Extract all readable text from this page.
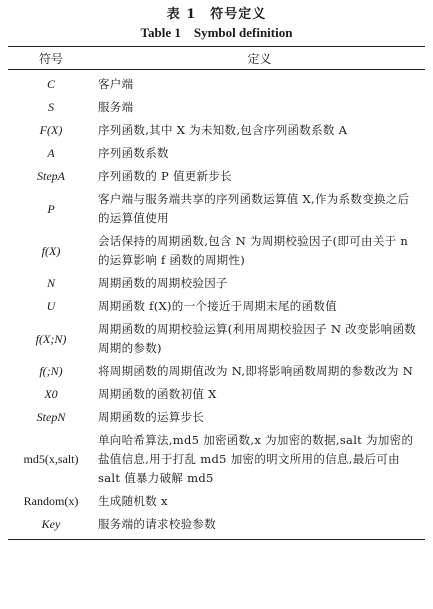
表 1　符号定义
Table 1　Symbol definition
符号	定义
C	客户端
S	服务端
F(X)	序列函数,其中 X 为未知数,包含序列函数系数 A
A	序列函数系数
StepA	序列函数的 P 值更新步长
P	客户端与服务端共享的序列函数运算值 X,作为系数变换之后的运算值使用
f(X)	会话保持的周期函数,包含 N 为周期校验因子(即可由关于 n 的运算影响 f 函数的周期性)
N	周期函数的周期校验因子
U	周期函数 f(X)的一个接近于周期末尾的函数值
f(X;N)	周期函数的周期校验运算(利用周期校验因子 N 改变影响函数周期的参数)
f(;N)	将周期函数的周期值改为 N,即将影响函数周期的参数改为 N
X0	周期函数的函数初值 X
StepN	周期函数的运算步长
md5(x,salt)	单向哈希算法,md5 加密函数,x 为加密的数据,salt 为加密的盐值信息,用于打乱 md5 加密的明文所用的信息,最后可由 salt 值暴力破解 md5
Random(x)	生成随机数 x
Key	服务端的请求校验参数
